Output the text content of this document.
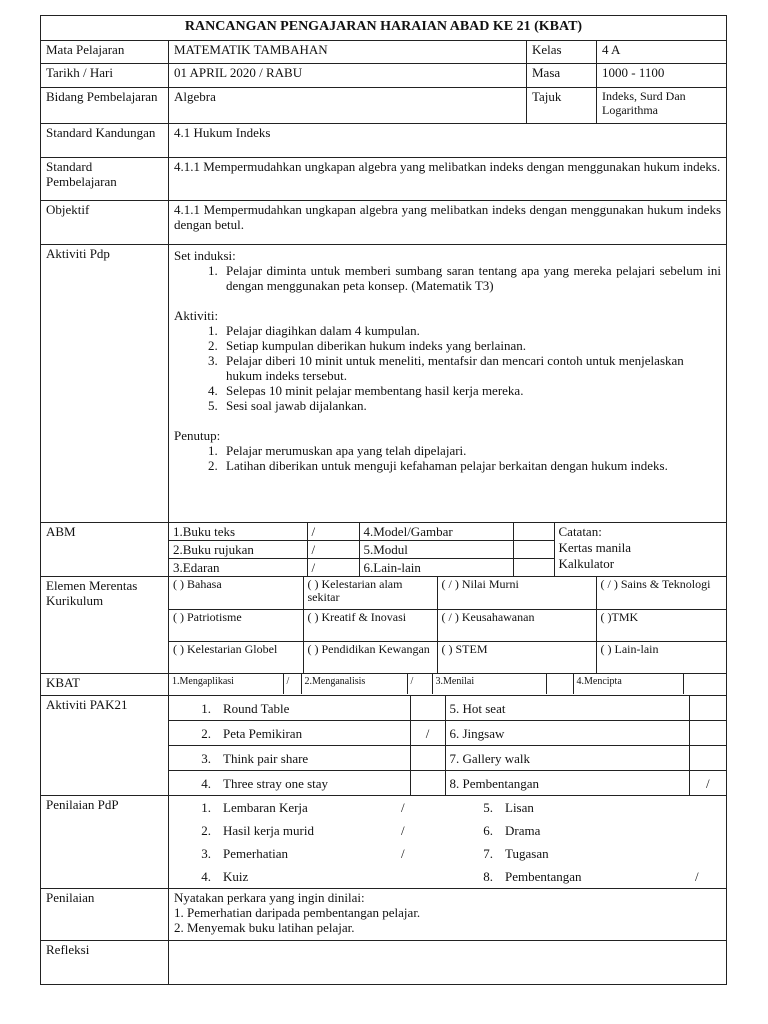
RANCANGAN PENGAJARAN HARAIAN ABAD KE 21 (KBAT)
Mata Pelajaran	MATEMATIK TAMBAHAN	Kelas	4 A
Tarikh / Hari	01 APRIL 2020 / RABU	Masa	1000 - 1100
Bidang Pembelajaran	Algebra	Tajuk	Indeks, Surd Dan Logarithma
Standard Kandungan	4.1 Hukum Indeks
Standard Pembelajaran	4.1.1 Mempermudahkan ungkapan algebra yang melibatkan indeks dengan menggunakan hukum indeks.
Objektif	4.1.1 Mempermudahkan ungkapan algebra yang melibatkan indeks dengan menggunakan hukum indeks dengan betul.
Aktiviti Pdp	Set induksi:
1. Pelajar diminta untuk memberi sumbang saran tentang apa yang mereka pelajari sebelum ini dengan menggunakan peta konsep. (Matematik T3)
Aktiviti:
1. Pelajar diagihkan dalam 4 kumpulan.
2. Setiap kumpulan diberikan hukum indeks yang berlainan.
3. Pelajar diberi 10 minit untuk meneliti, mentafsir dan mencari contoh untuk menjelaskan hukum indeks tersebut.
4. Selepas 10 minit pelajar membentang hasil kerja mereka.
5. Sesi soal jawab dijalankan.
Penutup:
1. Pelajar merumuskan apa yang telah dipelajari.
2. Latihan diberikan untuk menguji kefahaman pelajar berkaitan dengan hukum indeks.

ABM		1.Buku teks	/	4.Model/Gambar		Catatan:
Kertas manila
Kalkulator

2.Buku rujukan	/	5.Modul	
3.Edaran	/	6.Lain-lain	

Elemen Merentas Kurikulum	
( ) Bahasa	( ) Kelestarian alam sekitar	( / ) Nilai Murni	( / ) Sains & Teknologi
( ) Patriotisme	( ) Kreatif & Inovasi	( / ) Keusahawanan	( )TMK
( ) Kelestarian Globel	( ) Pendidikan Kewangan	( ) STEM	( ) Lain-lain

KBAT		1.Mengaplikasi	/	2.Menganalisis	/	3.Menilai		4.Mencipta	

Aktiviti PAK21		1. Round Table		5. Hot seat	
2. Peta Pemikiran	/	6. Jingsaw	
3. Think pair share		7. Gallery walk	
4. Three stray one stay		8. Pembentangan	/

Penilaian PdP		1. Lembaran Kerja	/	5. Lisan		
2. Hasil kerja murid	/	6. Drama		
3. Pemerhatian	/	7. Tugasan		
4. Kuiz		8. Pembentangan		/

Penilaian	Nyatakan perkara yang ingin dinilai:
1. Pemerhatian daripada pembentangan pelajar.
2. Menyemak buku latihan pelajar.

Refleksi	
